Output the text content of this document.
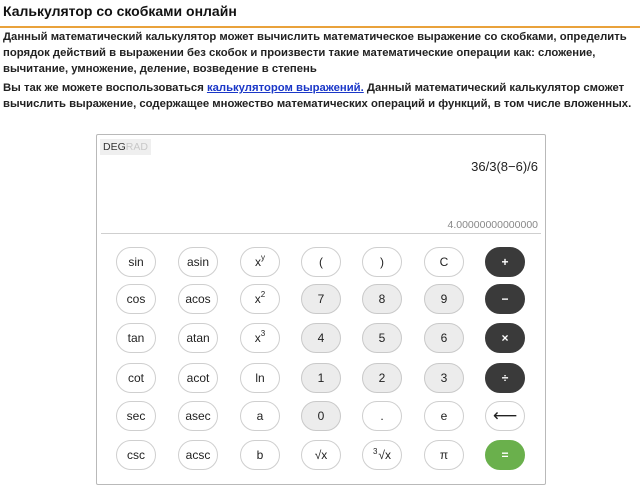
Калькулятор со скобками онлайн
Данный математический калькулятор может вычислить математическое выражение со скобками, определить порядок действий в выражении без скобок и произвести такие математические операции как: сложение, вычитание, умножение, деление, возведение в степень
Вы так же можете воспользоваться калькулятором выражений. Данный математический калькулятор сможет вычислить выражение, содержащее множество математических операций и функций, в том числе вложенных.
DEGRAD
36/3(8−6)/6
4.00000000000000
sin	asin	$x^y$	(	)	C	+
cos	acos	$x^2$	7	8	9	−
tan	atan	$x^3$	4	5	6	×
cot	acot	ln	1	2	3	÷
sec	asec	a	0	.	e	⟵
csc	acsc	b	√x	3 √x	π	=
